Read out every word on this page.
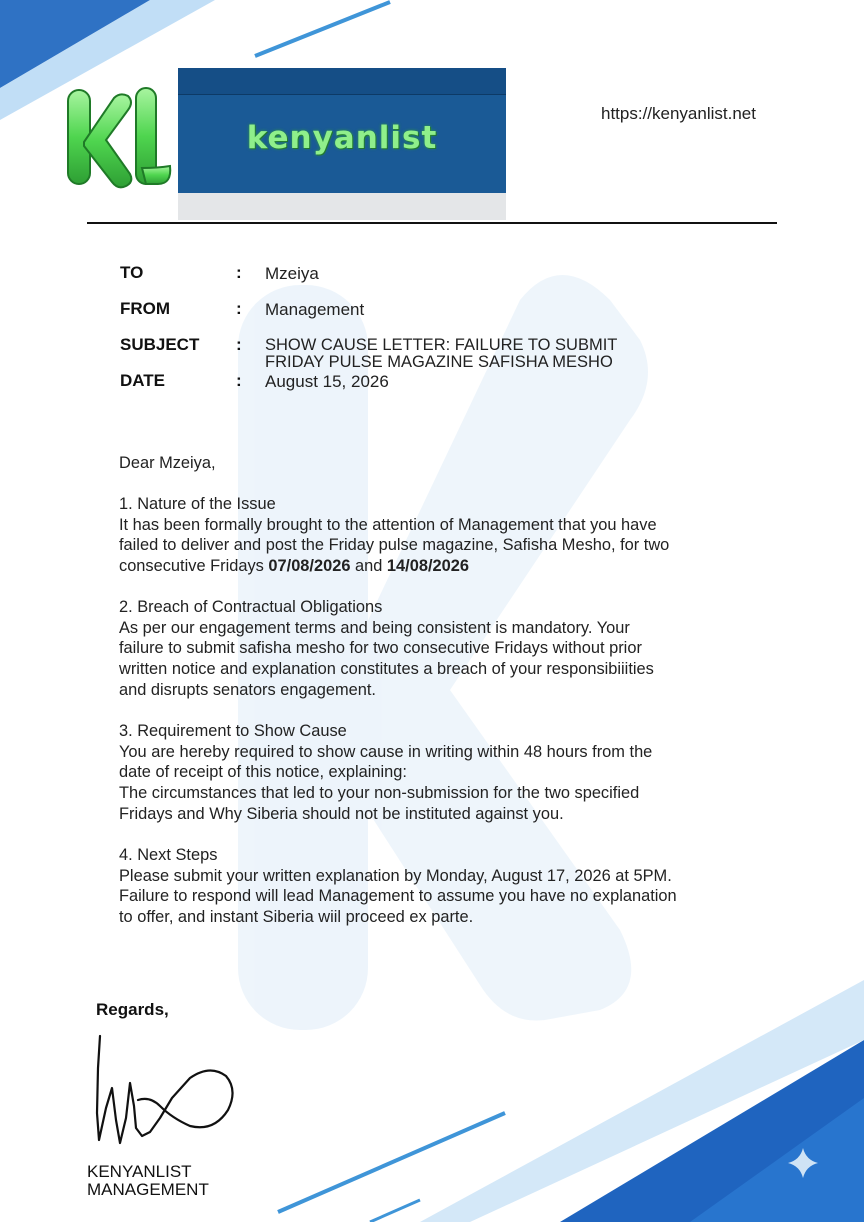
kenyanlist
https://kenyanlist.net
TO	: Mzeiya
FROM	: Management
SUBJECT : SHOW CAUSE LETTER: FAILURE TO SUBMIT
FRIDAY PULSE MAGAZINE SAFISHA MESHO
DATE	: August 15, 2026
Dear Mzeiya,

1. Nature of the Issue

It has been formally brought to the attention of Management that you have

failed to deliver and post the Friday pulse magazine, Safisha Mesho, for two

consecutive Fridays 07/08/2026 and 14/08/2026

2. Breach of Contractual Obligations

As per our engagement terms and being consistent is mandatory. Your

failure to submit safisha mesho for two consecutive Fridays without prior

written notice and explanation constitutes a breach of your responsibiiities

and disrupts senators engagement.

3. Requirement to Show Cause

You are hereby required to show cause in writing within 48 hours from the

date of receipt of this notice, explaining:

The circumstances that led to your non-submission for the two specified

Fridays and Why Siberia should not be instituted against you.

4. Next Steps

Please submit your written explanation by Monday, August 17, 2026 at 5PM.

Failure to respond will lead Management to assume you have no explanation

to offer, and instant Siberia wiil proceed ex parte.

Regards,
KENYANLIST
MANAGEMENT
